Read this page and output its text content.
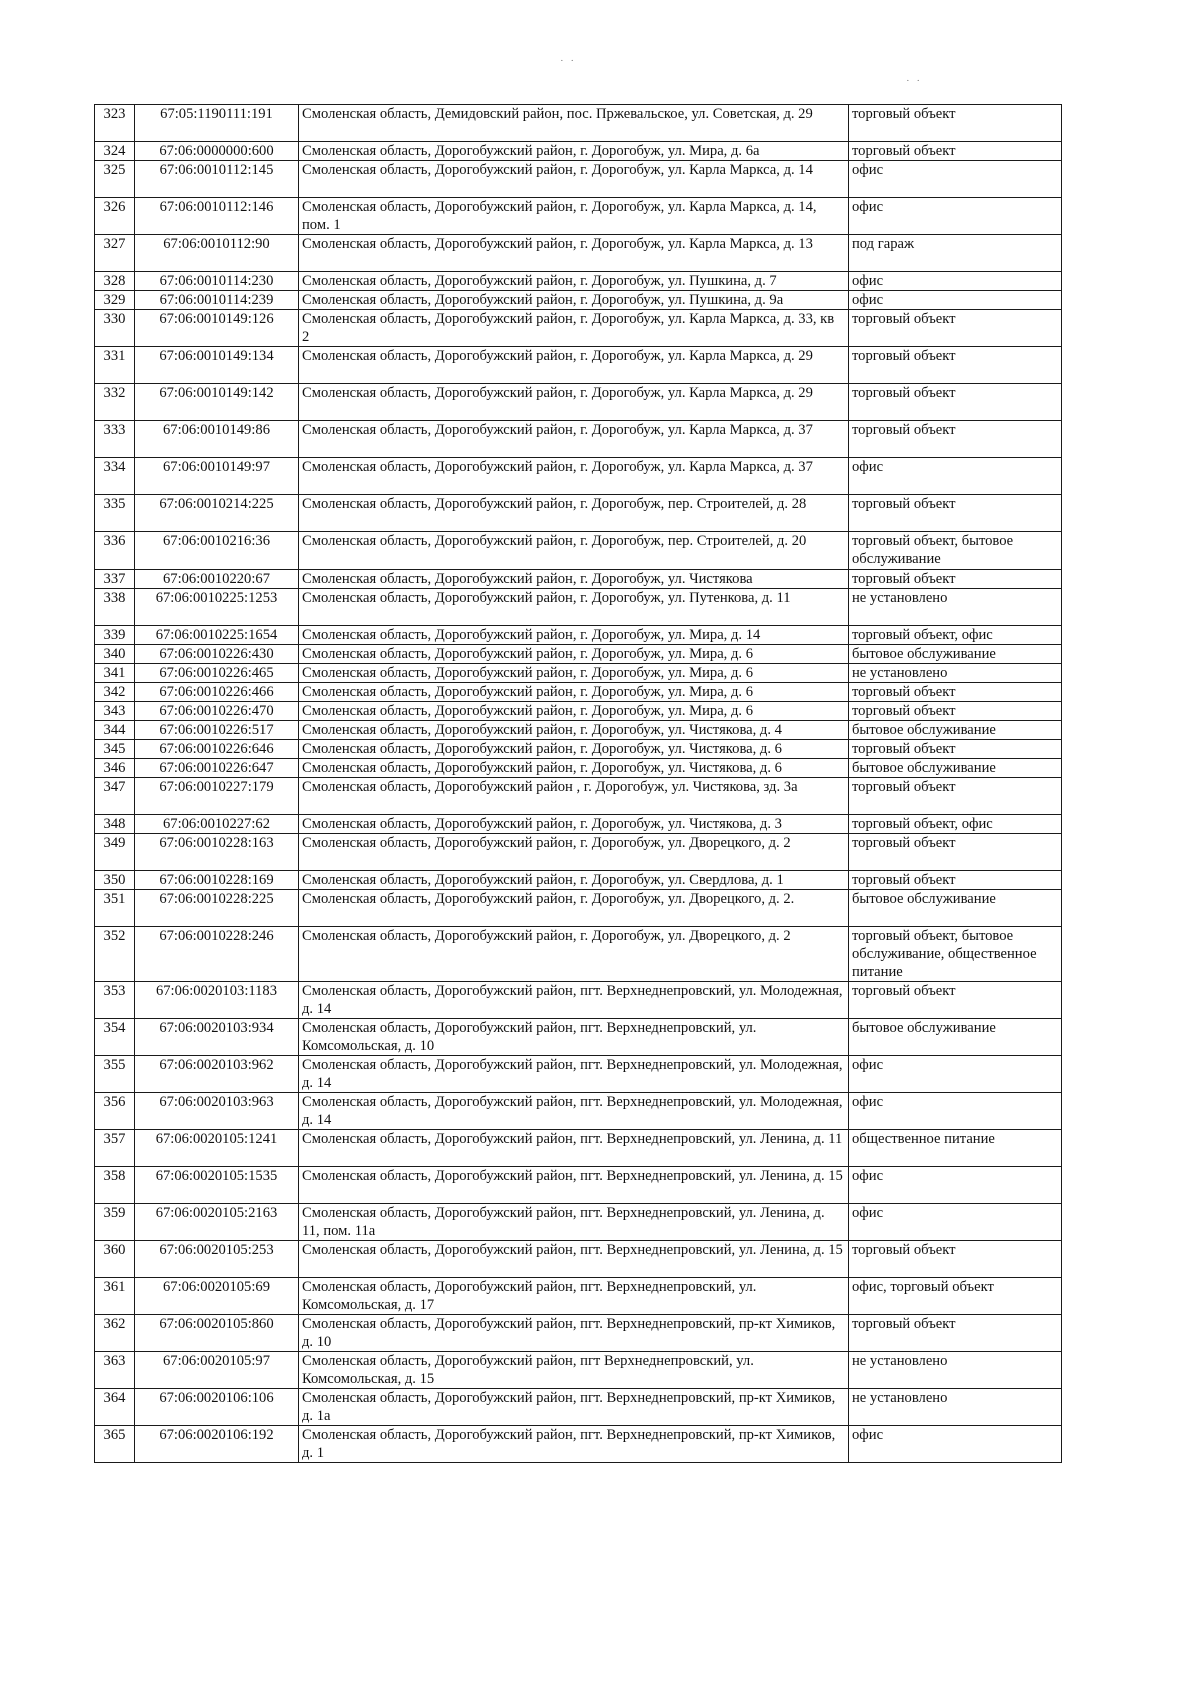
˙ ˙
˙ ˙
323	67:05:1190111:191	Смоленская область, Демидовский район, пос. Пржевальское, ул. Советская, д. 29	торговый объект
324	67:06:0000000:600	Смоленская область, Дорогобужский район, г. Дорогобуж, ул. Мира, д. 6а	торговый объект
325	67:06:0010112:145	Смоленская область, Дорогобужский район, г. Дорогобуж, ул. Карла Маркса, д. 14	офис
326	67:06:0010112:146	Смоленская область, Дорогобужский район, г. Дорогобуж, ул. Карла Маркса, д. 14, пом. 1	офис
327	67:06:0010112:90	Смоленская область, Дорогобужский район, г. Дорогобуж, ул. Карла Маркса, д. 13	под гараж
328	67:06:0010114:230	Смоленская область, Дорогобужский район, г. Дорогобуж, ул. Пушкина, д. 7	офис
329	67:06:0010114:239	Смоленская область, Дорогобужский район, г. Дорогобуж, ул. Пушкина, д. 9а	офис
330	67:06:0010149:126	Смоленская область, Дорогобужский район, г. Дорогобуж, ул. Карла Маркса, д. 33, кв 2	торговый объект
331	67:06:0010149:134	Смоленская область, Дорогобужский район, г. Дорогобуж, ул. Карла Маркса, д. 29	торговый объект
332	67:06:0010149:142	Смоленская область, Дорогобужский район, г. Дорогобуж, ул. Карла Маркса, д. 29	торговый объект
333	67:06:0010149:86	Смоленская область, Дорогобужский район, г. Дорогобуж, ул. Карла Маркса, д. 37	торговый объект
334	67:06:0010149:97	Смоленская область, Дорогобужский район, г. Дорогобуж, ул. Карла Маркса, д. 37	офис
335	67:06:0010214:225	Смоленская область, Дорогобужский район, г. Дорогобуж, пер. Строителей, д. 28	торговый объект
336	67:06:0010216:36	Смоленская область, Дорогобужский район, г. Дорогобуж, пер. Строителей, д. 20	торговый объект, бытовое обслуживание
337	67:06:0010220:67	Смоленская область, Дорогобужский район, г. Дорогобуж, ул. Чистякова	торговый объект
338	67:06:0010225:1253	Смоленская область, Дорогобужский район, г. Дорогобуж, ул. Путенкова, д. 11	не установлено
339	67:06:0010225:1654	Смоленская область, Дорогобужский район, г. Дорогобуж, ул. Мира, д. 14	торговый объект, офис
340	67:06:0010226:430	Смоленская область, Дорогобужский район, г. Дорогобуж, ул. Мира, д. 6	бытовое обслуживание
341	67:06:0010226:465	Смоленская область, Дорогобужский район, г. Дорогобуж, ул. Мира, д. 6	не установлено
342	67:06:0010226:466	Смоленская область, Дорогобужский район, г. Дорогобуж, ул. Мира, д. 6	торговый объект
343	67:06:0010226:470	Смоленская область, Дорогобужский район, г. Дорогобуж, ул. Мира, д. 6	торговый объект
344	67:06:0010226:517	Смоленская область, Дорогобужский район, г. Дорогобуж, ул. Чистякова, д. 4	бытовое обслуживание
345	67:06:0010226:646	Смоленская область, Дорогобужский район, г. Дорогобуж, ул. Чистякова, д. 6	торговый объект
346	67:06:0010226:647	Смоленская область, Дорогобужский район, г. Дорогобуж, ул. Чистякова, д. 6	бытовое обслуживание
347	67:06:0010227:179	Смоленская область, Дорогобужский район , г. Дорогобуж, ул. Чистякова, зд. 3а	торговый объект
348	67:06:0010227:62	Смоленская область, Дорогобужский район, г. Дорогобуж, ул. Чистякова, д. 3	торговый объект, офис
349	67:06:0010228:163	Смоленская область, Дорогобужский район, г. Дорогобуж, ул. Дворецкого, д. 2	торговый объект
350	67:06:0010228:169	Смоленская область, Дорогобужский район, г. Дорогобуж, ул. Свердлова, д. 1	торговый объект
351	67:06:0010228:225	Смоленская область, Дорогобужский район, г. Дорогобуж, ул. Дворецкого, д. 2.	бытовое обслуживание
352	67:06:0010228:246	Смоленская область, Дорогобужский район, г. Дорогобуж, ул. Дворецкого, д. 2	торговый объект, бытовое обслуживание, общественное питание
353	67:06:0020103:1183	Смоленская область, Дорогобужский район, пгт. Верхнеднепровский, ул. Молодежная, д. 14	торговый объект
354	67:06:0020103:934	Смоленская область, Дорогобужский район, пгт. Верхнеднепровский, ул. Комсомольская, д. 10	бытовое обслуживание
355	67:06:0020103:962	Смоленская область, Дорогобужский район, пгт. Верхнеднепровский, ул. Молодежная, д. 14	офис
356	67:06:0020103:963	Смоленская область, Дорогобужский район, пгт. Верхнеднепровский, ул. Молодежная, д. 14	офис
357	67:06:0020105:1241	Смоленская область, Дорогобужский район, пгт. Верхнеднепровский, ул. Ленина, д. 11	общественное питание
358	67:06:0020105:1535	Смоленская область, Дорогобужский район, пгт. Верхнеднепровский, ул. Ленина, д. 15	офис
359	67:06:0020105:2163	Смоленская область, Дорогобужский район, пгт. Верхнеднепровский, ул. Ленина, д. 11, пом. 11а	офис
360	67:06:0020105:253	Смоленская область, Дорогобужский район, пгт. Верхнеднепровский, ул. Ленина, д. 15	торговый объект
361	67:06:0020105:69	Смоленская область, Дорогобужский район, пгт. Верхнеднепровский, ул. Комсомольская, д. 17	офис, торговый объект
362	67:06:0020105:860	Смоленская область, Дорогобужский район, пгт. Верхнеднепровский, пр-кт Химиков, д. 10	торговый объект
363	67:06:0020105:97	Смоленская область, Дорогобужский район, пгт Верхнеднепровский, ул. Комсомольская, д. 15	не установлено
364	67:06:0020106:106	Смоленская область, Дорогобужский район, пгт. Верхнеднепровский, пр-кт Химиков, д. 1а	не установлено
365	67:06:0020106:192	Смоленская область, Дорогобужский район, пгт. Верхнеднепровский, пр-кт Химиков, д. 1	офис
